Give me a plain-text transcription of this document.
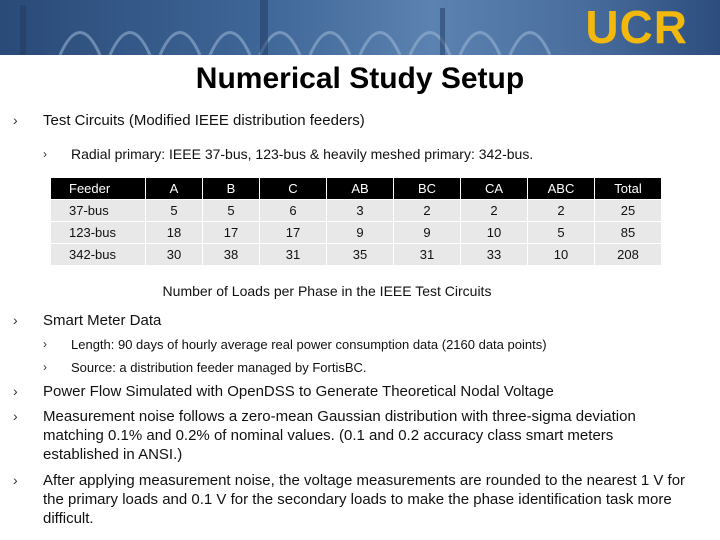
UCR
Numerical Study Setup
› Test Circuits (Modified IEEE distribution feeders)
› Radial primary: IEEE 37-bus, 123-bus & heavily meshed primary: 342-bus.
Feeder	A	B	C	AB	BC	CA	ABC	Total
37-bus	5	5	6	3	2	2	2	25
123-bus	18	17	17	9	9	10	5	85
342-bus	30	38	31	35	31	33	10	208
Number of Loads per Phase in the IEEE Test Circuits
› Smart Meter Data
› Length: 90 days of hourly average real power consumption data (2160 data points)
› Source: a distribution feeder managed by FortisBC.
› Power Flow Simulated with OpenDSS to Generate Theoretical Nodal Voltage
› Measurement noise follows a zero-mean Gaussian distribution with three-sigma deviation matching 0.1% and 0.2% of nominal values. (0.1 and 0.2 accuracy class smart meters established in ANSI.)
› After applying measurement noise, the voltage measurements are rounded to the nearest 1 V for the primary loads and 0.1 V for the secondary loads to make the phase identification task more difficult.
